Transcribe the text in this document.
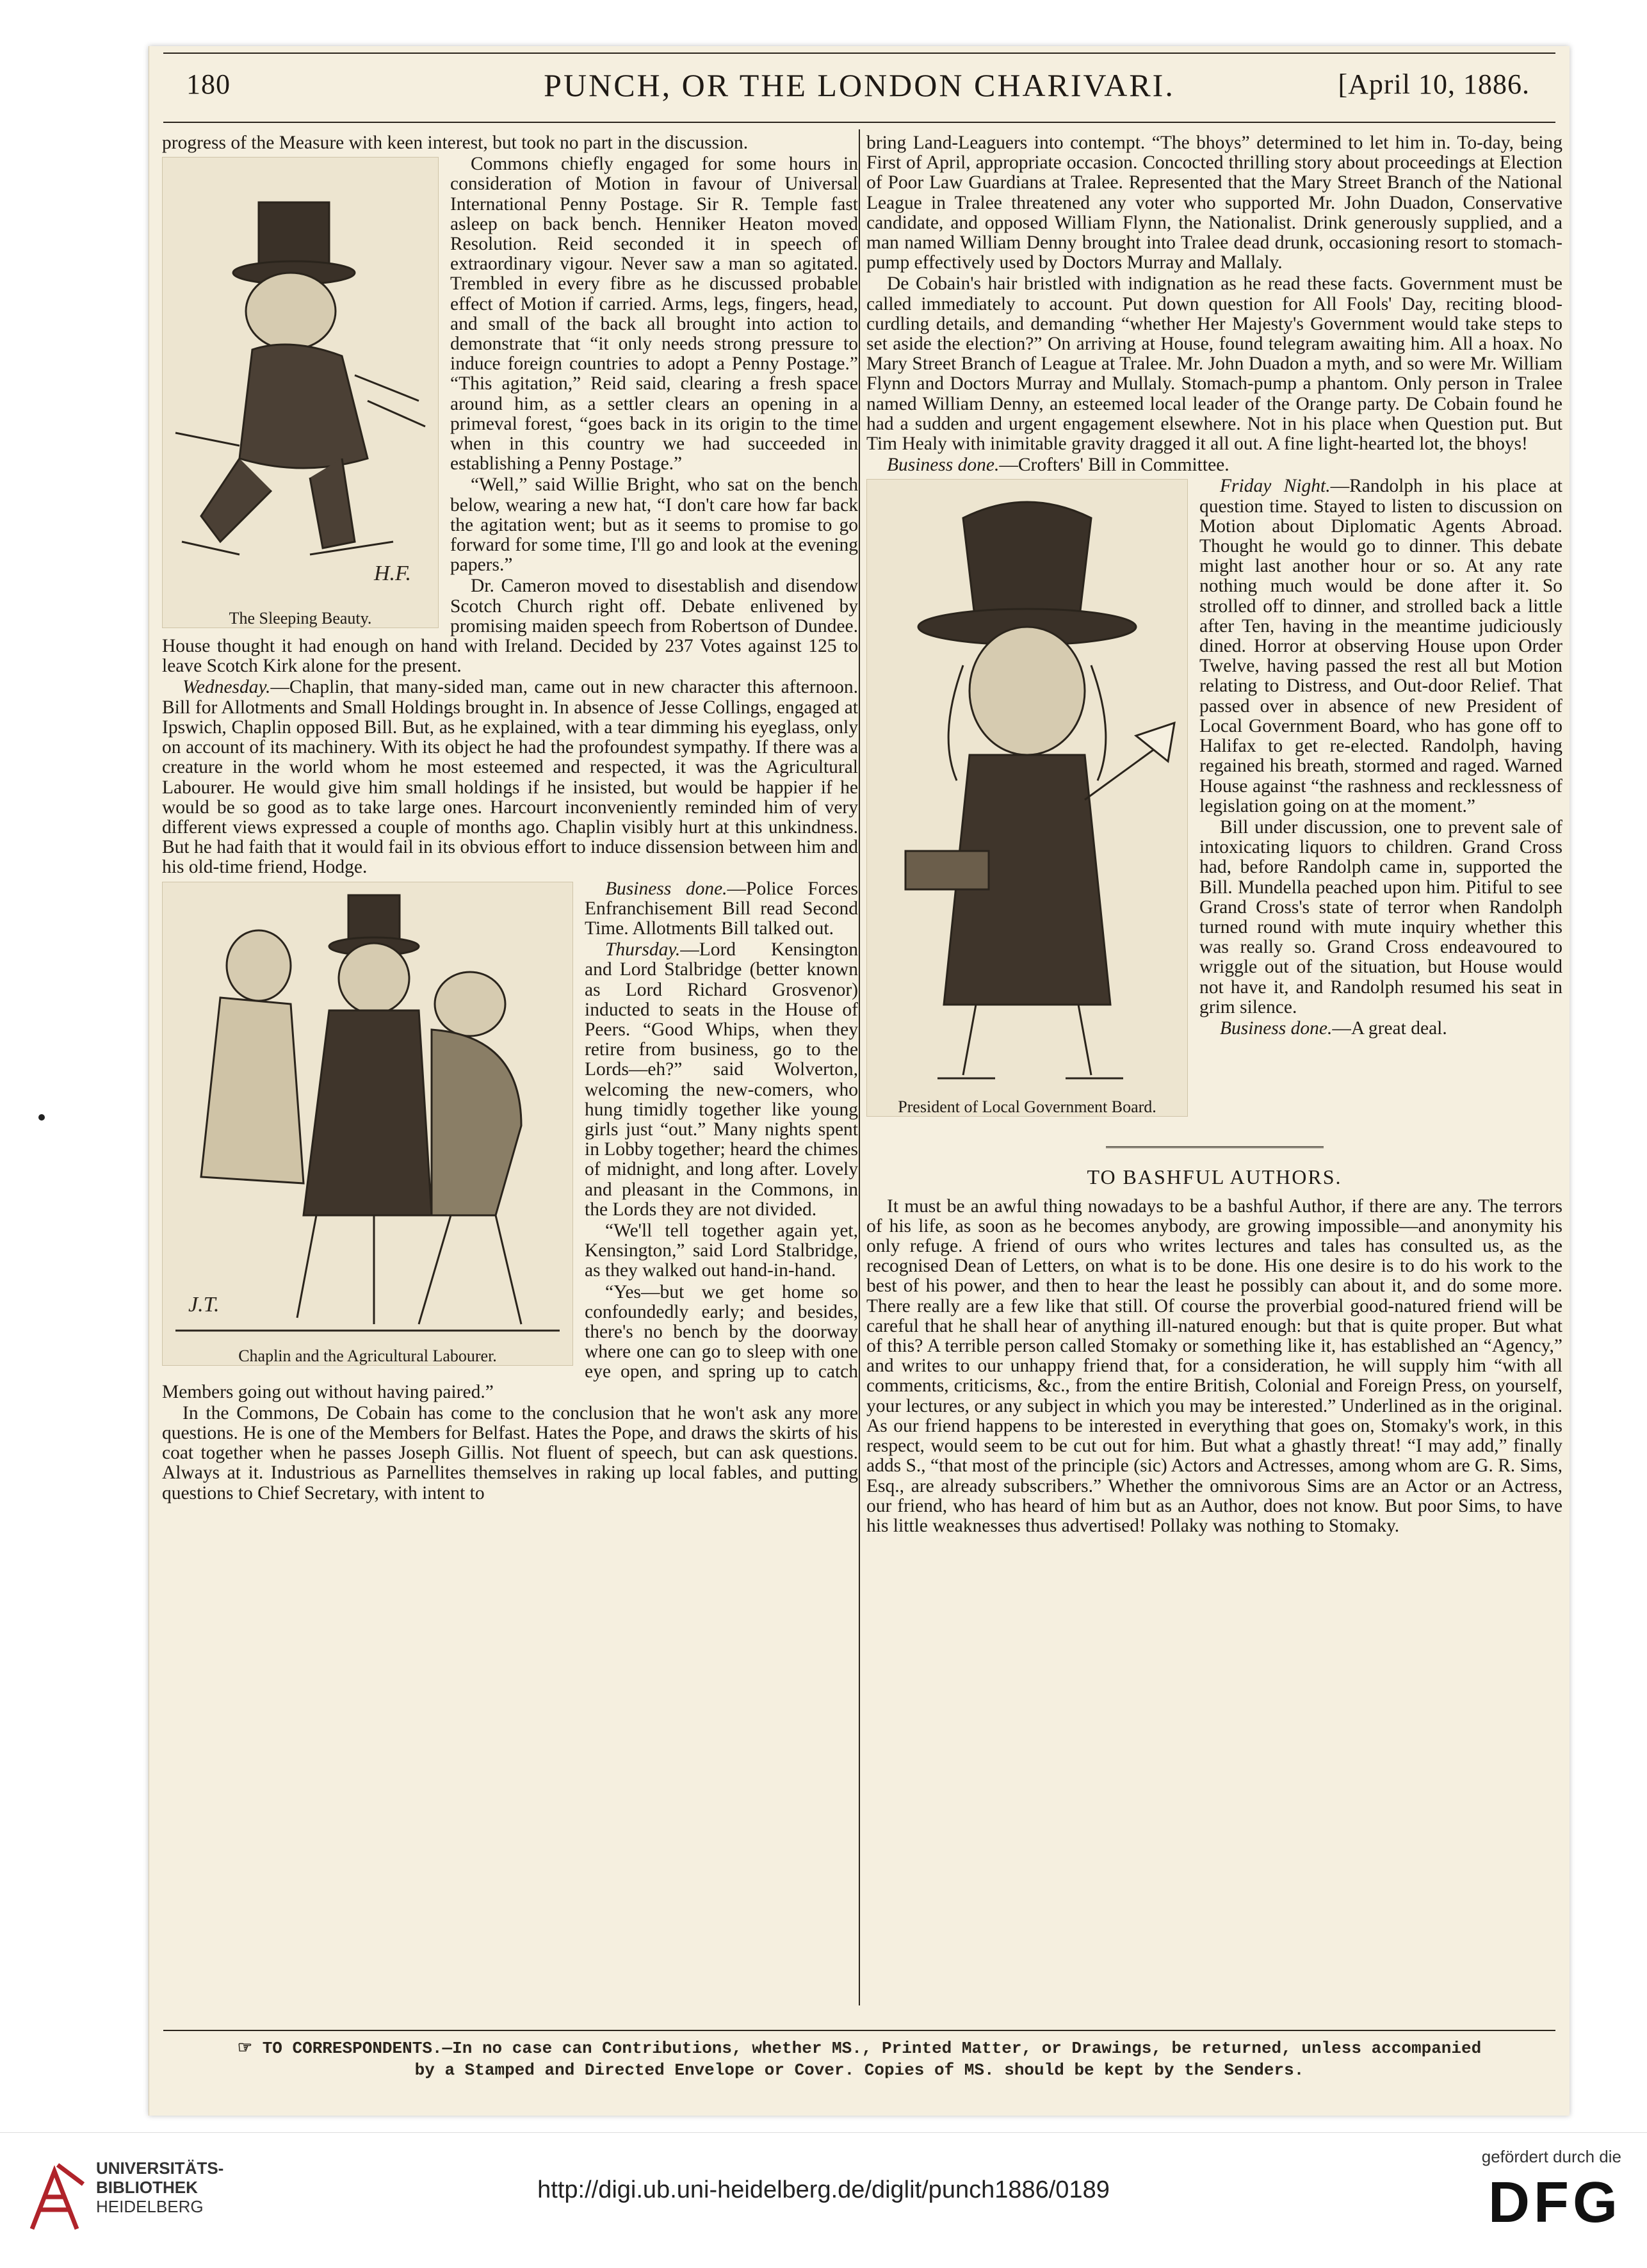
180	PUNCH, OR THE LONDON CHARIVARI.	[April 10, 1886.

progress of the Measure with keen interest, but took no part in the discussion.

H.F.
The Sleeping Beauty.

Commons chiefly engaged for some hours in consideration of Motion in favour of Universal International Penny Postage. Sir R. Temple fast asleep on back bench. Henniker Heaton moved Resolution. Reid seconded it in speech of extraordinary vigour. Never saw a man so agitated. Trembled in every fibre as he discussed probable effect of Motion if carried. Arms, legs, fingers, head, and small of the back all brought into action to demonstrate that “it only needs strong pressure to induce foreign countries to adopt a Penny Postage.” “This agitation,” Reid said, clearing a fresh space around him, as a settler clears an opening in a primeval forest, “goes back in its origin to the time when in this country we had succeeded in establishing a Penny Postage.”

“Well,” said Willie Bright, who sat on the bench below, wearing a new hat, “I don't care how far back the agitation went; but as it seems to promise to go forward for some time, I'll go and look at the evening papers.”

Dr. Cameron moved to disestablish and disendow Scotch Church right off. Debate enlivened by promising maiden speech from Robertson of Dundee. House thought it had enough on hand with Ireland. Decided by 237 Votes against 125 to leave Scotch Kirk alone for the present.

Wednesday.—Chaplin, that many-sided man, came out in new character this afternoon. Bill for Allotments and Small Holdings brought in. In absence of Jesse Collings, engaged at Ipswich, Chaplin opposed Bill. But, as he explained, with a tear dimming his eyeglass, only on account of its machinery. With its object he had the profoundest sympathy. If there was a creature in the world whom he most esteemed and respected, it was the Agricultural Labourer. He would give him small holdings if he insisted, but would be happier if he would be so good as to take large ones. Harcourt inconveniently reminded him of very different views expressed a couple of months ago. Chaplin visibly hurt at this unkindness. But he had faith that it would fail in its obvious effort to induce dissension between him and his old-time friend, Hodge.

J.T.
Chaplin and the Agricultural Labourer.

Business done.—Police Forces Enfranchisement Bill read Second Time. Allotments Bill talked out.

Thursday.—Lord Kensington and Lord Stalbridge (better known as Lord Richard Grosvenor) inducted to seats in the House of Peers. “Good Whips, when they retire from business, go to the Lords—eh?” said Wolverton, welcoming the new-comers, who hung timidly together like young girls just “out.” Many nights spent in Lobby together; heard the chimes of midnight, and long after. Lovely and pleasant in the Commons, in the Lords they are not divided.

“We'll tell together again yet, Kensington,” said Lord Stalbridge, as they walked out hand-in-hand.

“Yes—but we get home so confoundedly early; and besides, there's no bench by the doorway where one can go to sleep with one eye open, and spring up to catch Members going out without having paired.”

In the Commons, De Cobain has come to the conclusion that he won't ask any more questions. He is one of the Members for Belfast. Hates the Pope, and draws the skirts of his coat together when he passes Joseph Gillis. Not fluent of speech, but can ask questions. Always at it. Industrious as Parnellites themselves in raking up local fables, and putting questions to Chief Secretary, with intent to

bring Land-Leaguers into contempt. “The bhoys” determined to let him in. To-day, being First of April, appropriate occasion. Concocted thrilling story about proceedings at Election of Poor Law Guardians at Tralee. Represented that the Mary Street Branch of the National League in Tralee threatened any voter who supported Mr. John Duadon, Conservative candidate, and opposed William Flynn, the Nationalist. Drink generously supplied, and a man named William Denny brought into Tralee dead drunk, occasioning resort to stomach-pump effectively used by Doctors Murray and Mallaly.

De Cobain's hair bristled with indignation as he read these facts. Government must be called immediately to account. Put down question for All Fools' Day, reciting blood-curdling details, and demanding “whether Her Majesty's Government would take steps to set aside the election?” On arriving at House, found telegram awaiting him. All a hoax. No Mary Street Branch of League at Tralee. Mr. John Duadon a myth, and so were Mr. William Flynn and Doctors Murray and Mullaly. Stomach-pump a phantom. Only person in Tralee named William Denny, an esteemed local leader of the Orange party. De Cobain found he had a sudden and urgent engagement elsewhere. Not in his place when Question put. But Tim Healy with inimitable gravity dragged it all out. A fine light-hearted lot, the bhoys!

Business done.—Crofters' Bill in Committee.

President of Local Government Board.

Friday Night.—Randolph in his place at question time. Stayed to listen to discussion on Motion about Diplomatic Agents Abroad. Thought he would go to dinner. This debate might last another hour or so. At any rate nothing much would be done after it. So strolled off to dinner, and strolled back a little after Ten, having in the meantime judiciously dined. Horror at observing House upon Order Twelve, having passed the rest all but Motion relating to Distress, and Out-door Relief. That passed over in absence of new President of Local Government Board, who has gone off to Halifax to get re-elected. Randolph, having regained his breath, stormed and raged. Warned House against “the rashness and recklessness of legislation going on at the moment.”

Bill under discussion, one to prevent sale of intoxicating liquors to children. Grand Cross had, before Randolph came in, supported the Bill. Mundella peached upon him. Pitiful to see Grand Cross's state of terror when Randolph turned round with mute inquiry whether this was really so. Grand Cross endeavoured to wriggle out of the situation, but House would not have it, and Randolph resumed his seat in grim silence.

Business done.—A great deal.

TO BASHFUL AUTHORS.

It must be an awful thing nowadays to be a bashful Author, if there are any. The terrors of his life, as soon as he becomes anybody, are growing impossible—and anonymity his only refuge. A friend of ours who writes lectures and tales has consulted us, as the recognised Dean of Letters, on what is to be done. His one desire is to do his work to the best of his power, and then to hear the least he possibly can about it, and do some more. There really are a few like that still. Of course the proverbial good-natured friend will be careful that he shall hear of anything ill-natured enough: but that is quite proper. But what of this? A terrible person called Stomaky or something like it, has established an “Agency,” and writes to our unhappy friend that, for a consideration, he will supply him “with all comments, criticisms, &c., from the entire British, Colonial and Foreign Press, on yourself, your lectures, or any subject in which you may be interested.” Underlined as in the original. As our friend happens to be interested in everything that goes on, Stomaky's work, in this respect, would seem to be cut out for him. But what a ghastly threat! “I may add,” finally adds S., “that most of the principle (sic) Actors and Actresses, among whom are G. R. Sims, Esq., are already subscribers.” Whether the omnivorous Sims are an Actor or an Actress, our friend, who has heard of him but as an Author, does not know. But poor Sims, to have his little weaknesses thus advertised! Pollaky was nothing to Stomaky.

☞ TO CORRESPONDENTS.—In no case can Contributions, whether MS., Printed Matter, or Drawings, be returned, unless accompanied
by a Stamped and Directed Envelope or Cover. Copies of MS. should be kept by the Senders.
UNIVERSITÄTS-
BIBLIOTHEK
HEIDELBERG
http://digi.ub.uni-heidelberg.de/diglit/punch1886/0189
gefördert durch die
DFG
